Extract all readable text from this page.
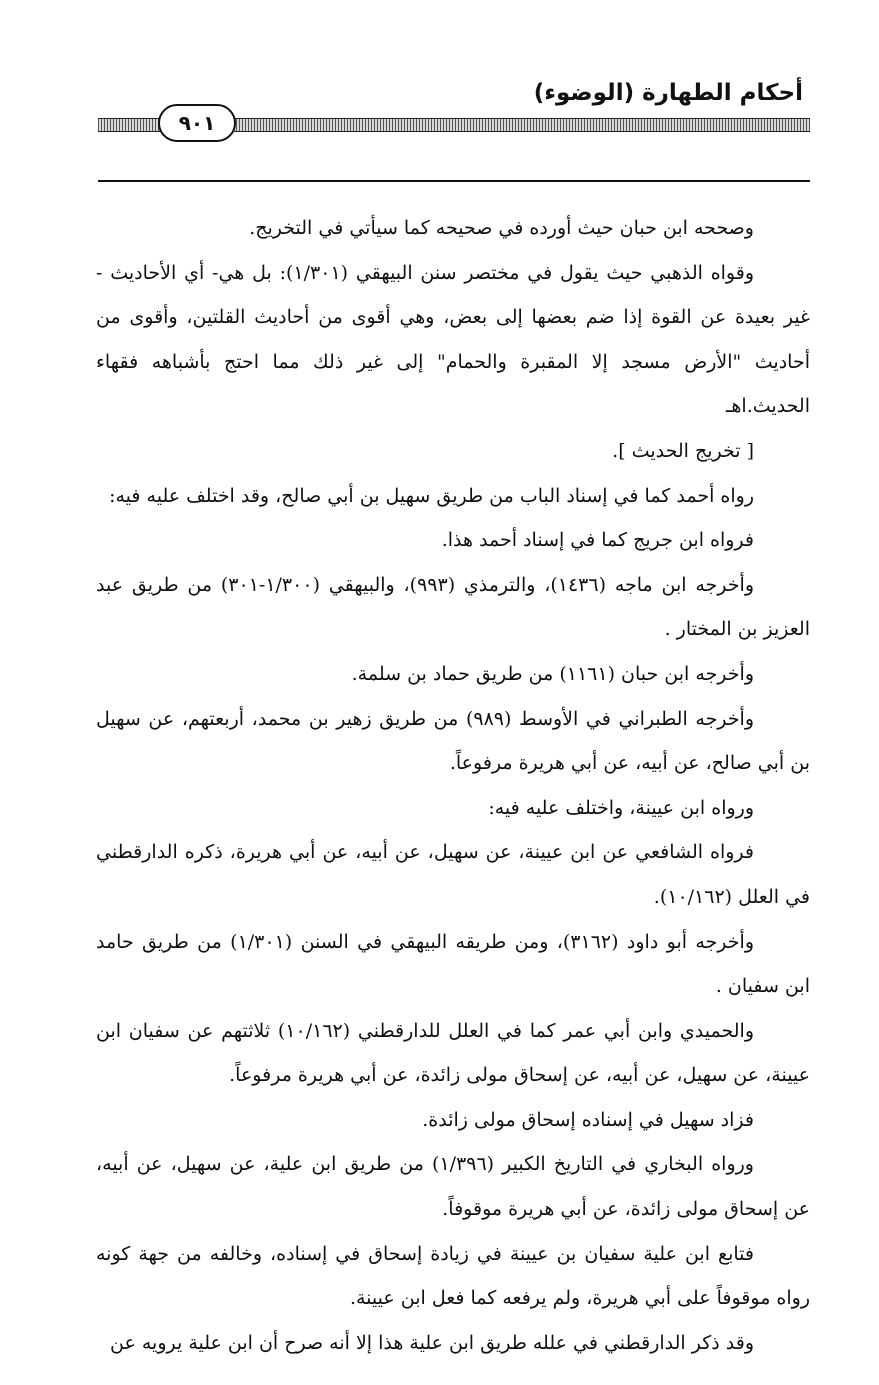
أحكام الطهارة (الوضوء)
٩٠١

وصححه ابن حبان حيث أورده في صحيحه كما سيأتي في التخريج.

وقواه الذهبي حيث يقول في مختصر سنن البيهقي (١/٣٠١): بل هي- أي الأحاديث - غير بعيدة عن القوة إذا ضم بعضها إلى بعض، وهي أقوى من أحاديث القلتين، وأقوى من أحاديث "الأرض مسجد إلا المقبرة والحمام" إلى غير ذلك مما احتج بأشباهه فقهاء الحديث.اهـ

[ تخريج الحديث ].

رواه أحمد كما في إسناد الباب من طريق سهيل بن أبي صالح، وقد اختلف عليه فيه:

فرواه ابن جريج كما في إسناد أحمد هذا.

وأخرجه ابن ماجه (١٤٣٦)، والترمذي (٩٩٣)، والبيهقي (١/٣٠٠-٣٠١) من طريق عبد العزيز بن المختار .

وأخرجه ابن حبان (١١٦١) من طريق حماد بن سلمة.

وأخرجه الطبراني في الأوسط (٩٨٩) من طريق زهير بن محمد، أربعتهم، عن سهيل بن أبي صالح، عن أبيه، عن أبي هريرة مرفوعاً.

ورواه ابن عيينة، واختلف عليه فيه:

فرواه الشافعي عن ابن عيينة، عن سهيل، عن أبيه، عن أبي هريرة، ذكره الدارقطني في العلل (١٠/١٦٢).

وأخرجه أبو داود (٣١٦٢)، ومن طريقه البيهقي في السنن (١/٣٠١) من طريق حامد ابن سفيان .

والحميدي وابن أبي عمر كما في العلل للدارقطني (١٠/١٦٢) ثلاثتهم عن سفيان ابن عيينة، عن سهيل، عن أبيه، عن إسحاق مولى زائدة، عن أبي هريرة مرفوعاً.

فزاد سهيل في إسناده إسحاق مولى زائدة.

ورواه البخاري في التاريخ الكبير (١/٣٩٦) من طريق ابن علية، عن سهيل، عن أبيه، عن إسحاق مولى زائدة، عن أبي هريرة موقوفاً.

فتابع ابن علية سفيان بن عيينة في زيادة إسحاق في إسناده، وخالفه من جهة كونه رواه موقوفاً على أبي هريرة، ولم يرفعه كما فعل ابن عيينة.

وقد ذكر الدارقطني في علله طريق ابن علية هذا إلا أنه صرح أن ابن علية يرويه عن
